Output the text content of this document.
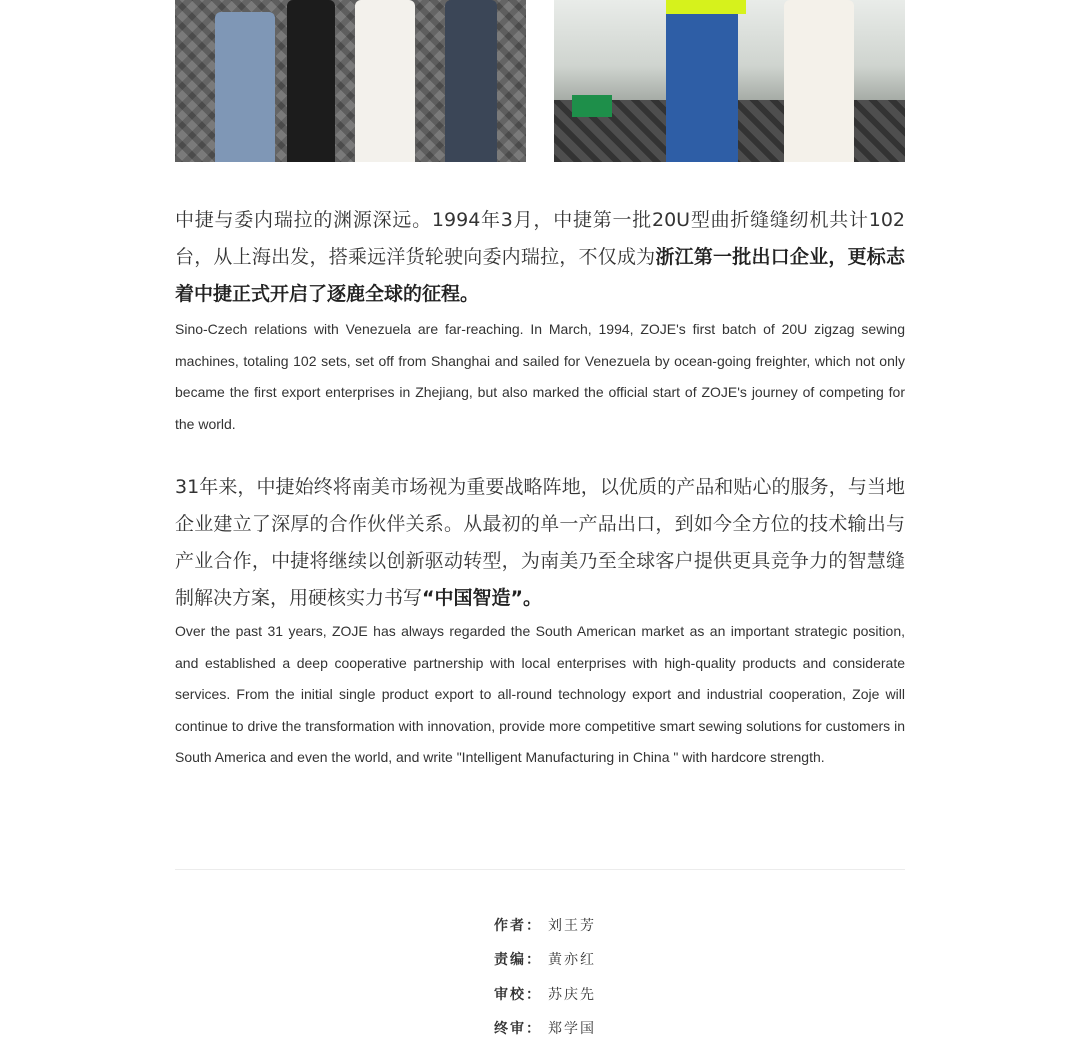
中捷与委内瑞拉的渊源深远。1994年3月，中捷第一批20U型曲折缝缝纫机共计102台，从上海出发，搭乘远洋货轮驶向委内瑞拉，不仅成为浙江第一批出口企业，更标志着中捷正式开启了逐鹿全球的征程。

Sino-Czech relations with Venezuela are far-reaching. In March, 1994, ZOJE's first batch of 20U zigzag sewing machines, totaling 102 sets, set off from Shanghai and sailed for Venezuela by ocean-going freighter, which not only became the first export enterprises in Zhejiang, but also marked the official start of ZOJE's journey of competing for the world.

31年来，中捷始终将南美市场视为重要战略阵地，以优质的产品和贴心的服务，与当地企业建立了深厚的合作伙伴关系。从最初的单一产品出口，到如今全方位的技术输出与产业合作，中捷将继续以创新驱动转型，为南美乃至全球客户提供更具竞争力的智慧缝制解决方案，用硬核实力书写“中国智造”。

Over the past 31 years, ZOJE has always regarded the South American market as an important strategic position, and established a deep cooperative partnership with local enterprises with high-quality products and considerate services. From the initial single product export to all-round technology export and industrial cooperation, Zoje will continue to drive the transformation with innovation, provide more competitive smart sewing solutions for customers in South America and even the world, and write "Intelligent Manufacturing in China " with hardcore strength.

作者： 刘王芳
责编： 黄亦红
审校： 苏庆先
终审： 郑学国
